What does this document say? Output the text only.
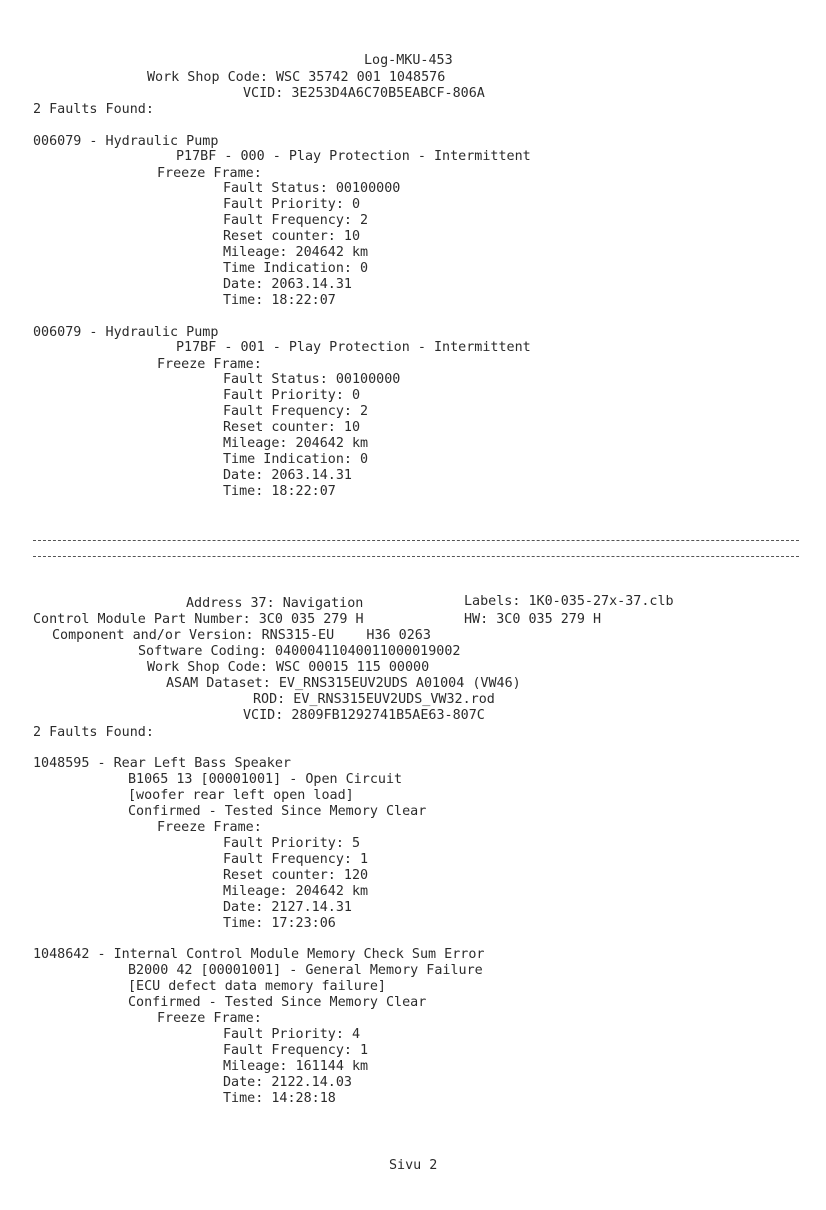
Log-MKU-453
Work Shop Code: WSC 35742 001 1048576
VCID: 3E253D4A6C70B5EABCF-806A
2 Faults Found:
006079 - Hydraulic Pump
P17BF - 000 - Play Protection - Intermittent
Freeze Frame:
Fault Status: 00100000
Fault Priority: 0
Fault Frequency: 2
Reset counter: 10
Mileage: 204642 km
Time Indication: 0
Date: 2063.14.31
Time: 18:22:07
006079 - Hydraulic Pump
P17BF - 001 - Play Protection - Intermittent
Freeze Frame:
Fault Status: 00100000
Fault Priority: 0
Fault Frequency: 2
Reset counter: 10
Mileage: 204642 km
Time Indication: 0
Date: 2063.14.31
Time: 18:22:07
Address 37: Navigation	Labels: 1K0-035-27x-37.clb
Control Module Part Number: 3C0 035 279 H	HW: 3C0 035 279 H
Component and/or Version: RNS315-EU    H36 0263
Software Coding: 04000411040011000019002
Work Shop Code: WSC 00015 115 00000
ASAM Dataset: EV_RNS315EUV2UDS A01004 (VW46)
ROD: EV_RNS315EUV2UDS_VW32.rod
VCID: 2809FB1292741B5AE63-807C
2 Faults Found:
1048595 - Rear Left Bass Speaker
B1065 13 [00001001] - Open Circuit
[woofer rear left open load]
Confirmed - Tested Since Memory Clear
Freeze Frame:
Fault Priority: 5
Fault Frequency: 1
Reset counter: 120
Mileage: 204642 km
Date: 2127.14.31
Time: 17:23:06
1048642 - Internal Control Module Memory Check Sum Error
B2000 42 [00001001] - General Memory Failure
[ECU defect data memory failure]
Confirmed - Tested Since Memory Clear
Freeze Frame:
Fault Priority: 4
Fault Frequency: 1
Mileage: 161144 km
Date: 2122.14.03
Time: 14:28:18
Sivu 2
